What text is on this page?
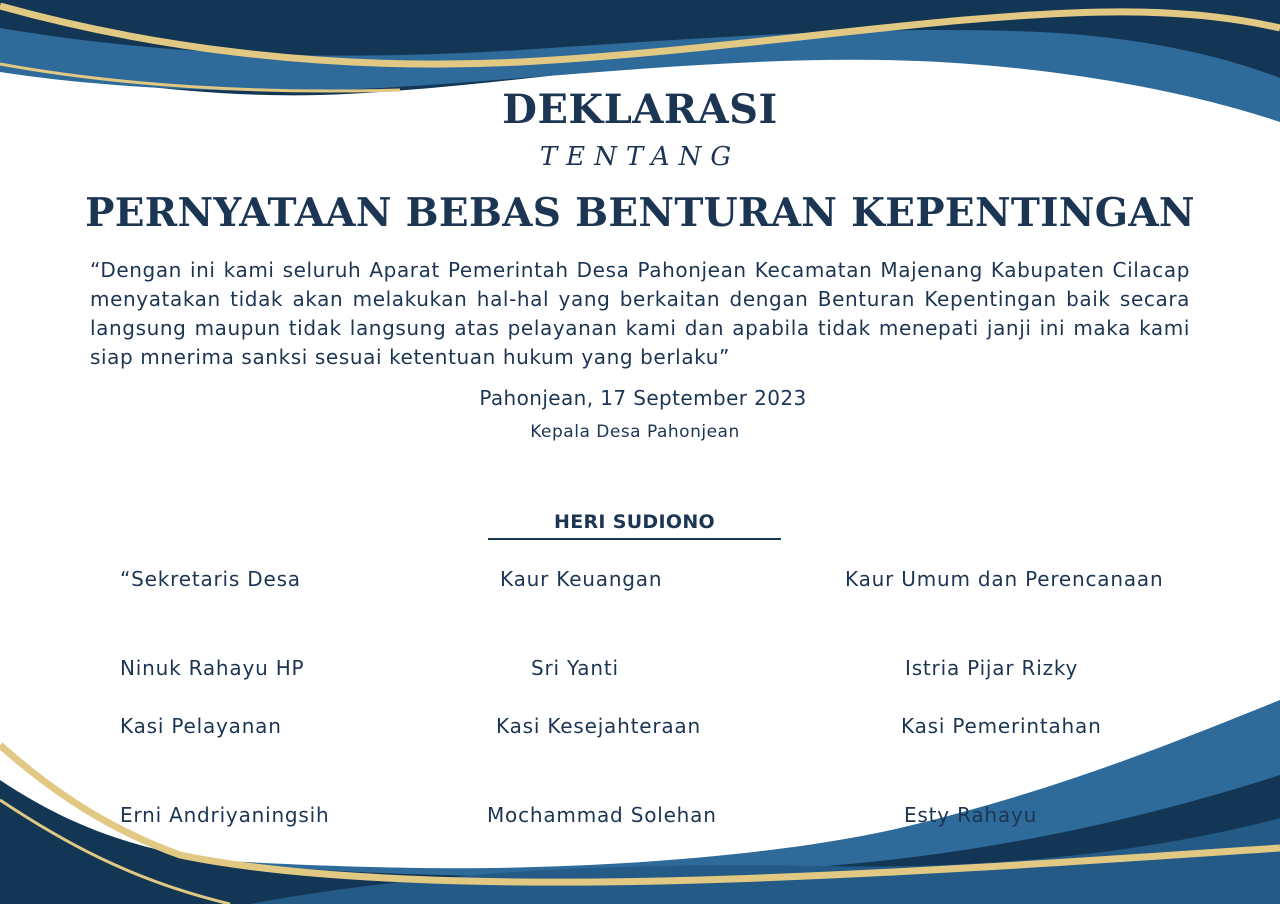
DEKLARASI
TENTANG
PERNYATAAN BEBAS BENTURAN KEPENTINGAN

“Dengan ini kami seluruh Aparat Pemerintah Desa Pahonjean Kecamatan Majenang Kabupaten Cilacap menyatakan tidak akan melakukan hal-hal yang berkaitan dengan Benturan Kepentingan baik secara langsung maupun tidak langsung atas pelayanan kami dan apabila tidak menepati janji ini maka kami siap mnerima sanksi sesuai ketentuan hukum yang berlaku”

Pahonjean, 17 September 2023
Kepala Desa Pahonjean
HERI SUDIONO
“Sekretaris Desa
Ninuk Rahayu HP
Kaur Keuangan
Sri Yanti
Kaur Umum dan Perencanaan
Istria Pijar Rizky
Kasi Pelayanan
Erni Andriyaningsih
Kasi Kesejahteraan
Mochammad Solehan
Kasi Pemerintahan
Esty Rahayu
